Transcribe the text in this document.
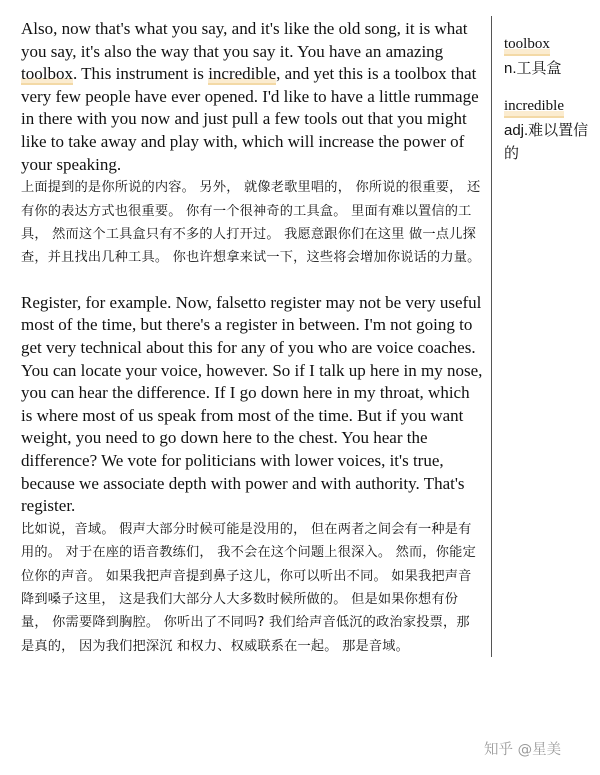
Also, now that's what you say, and it's like the old song, it is what you say, it's also the way that you say it. You have an amazing toolbox. This instrument is incredible, and yet this is a toolbox that very few people have ever opened. I'd like to have a little rummage in there with you now and just pull a few tools out that you might like to take away and play with, which will increase the power of your speaking.

上面提到的是你所说的内容。 另外， 就像老歌里唱的， 你所说的很重要， 还有你的表达方式也很重要。 你有一个很神奇的工具盒。 里面有难以置信的工具， 然而这个工具盒只有不多的人打开过。 我愿意跟你们在这里 做一点儿探查，并且找出几种工具。 你也许想拿来试一下，这些将会增加你说话的力量。

Register, for example. Now, falsetto register may not be very useful most of the time, but there's a register in between. I'm not going to get very technical about this for any of you who are voice coaches. You can locate your voice, however. So if I talk up here in my nose, you can hear the difference. If I go down here in my throat, which is where most of us speak from most of the time. But if you want weight, you need to go down here to the chest. You hear the difference? We vote for politicians with lower voices, it's true, because we associate depth with power and with authority. That's register.

比如说，音域。 假声大部分时候可能是没用的， 但在两者之间会有一种是有用的。 对于在座的语音教练们， 我不会在这个问题上很深入。 然而，你能定位你的声音。 如果我把声音提到鼻子这儿，你可以听出不同。 如果我把声音降到嗓子这里， 这是我们大部分人大多数时候所做的。 但是如果你想有份量， 你需要降到胸腔。 你听出了不同吗? 我们给声音低沉的政治家投票，那是真的， 因为我们把深沉 和权力、权威联系在一起。 那是音域。

toolbox
n.工具盒
incredible
adj.难以置信的
知乎 @星美
